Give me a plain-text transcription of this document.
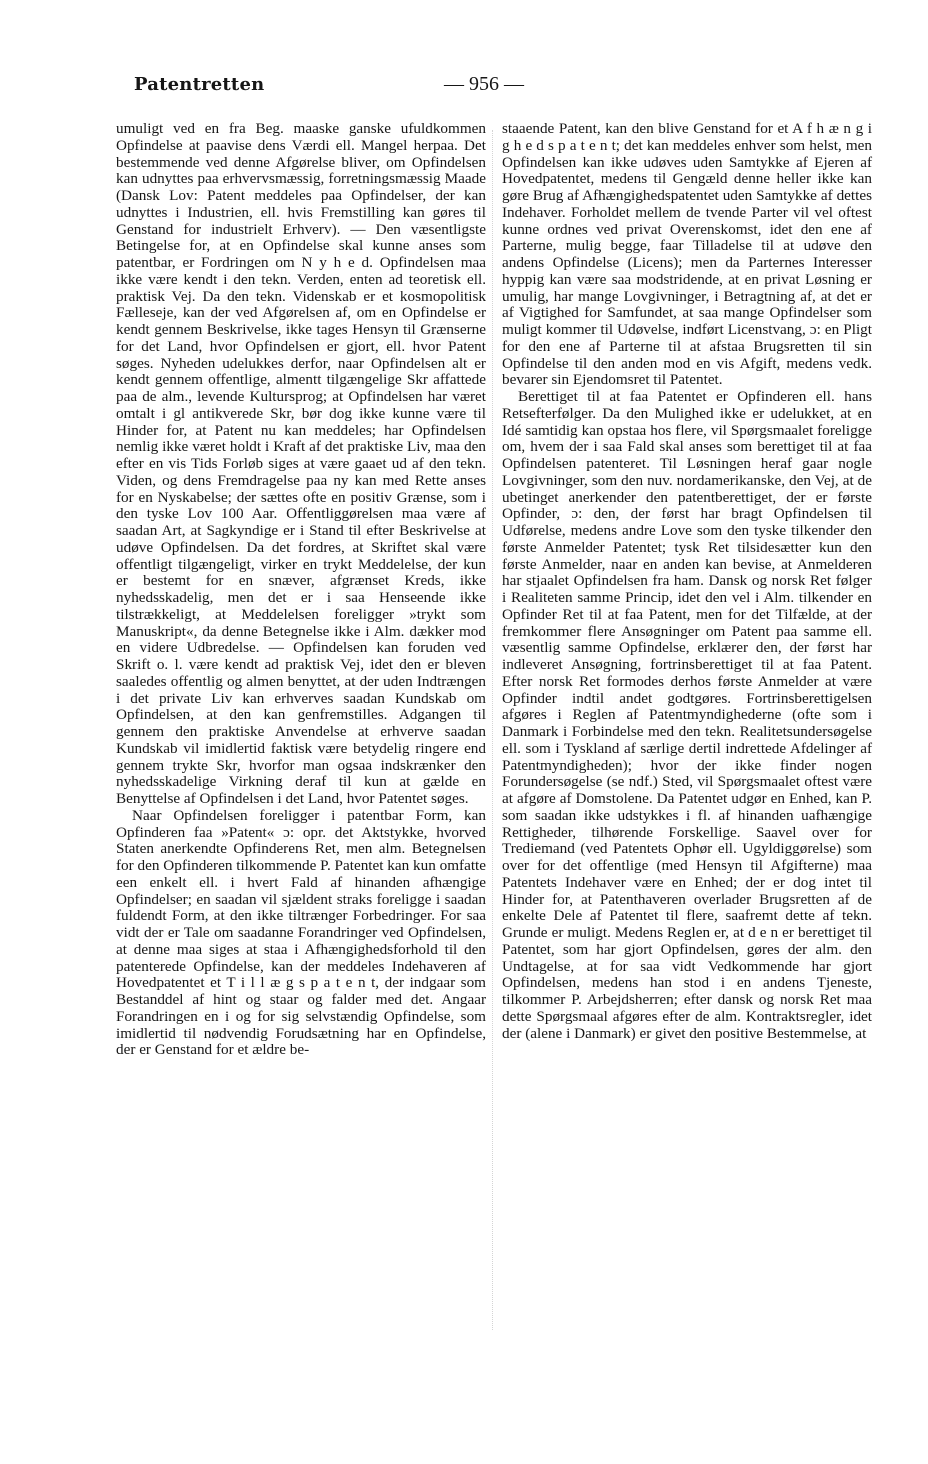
Patentretten	— 956 —

umuligt ved en fra Beg. maaske ganske ufuldkommen Opfindelse at paavise dens Værdi ell. Mangel herpaa. Det bestemmende ved denne Afgørelse bliver, om Opfindelsen kan udnyttes paa erhvervsmæssig, forretningsmæssig Maade (Dansk Lov: Patent meddeles paa Opfindelser, der kan udnyttes i Industrien, ell. hvis Fremstilling kan gøres til Genstand for industrielt Erhverv). — Den væsentligste Betingelse for, at en Opfindelse skal kunne anses som patentbar, er Fordringen om N y h e d. Opfindelsen maa ikke være kendt i den tekn. Verden, enten ad teoretisk ell. praktisk Vej. Da den tekn. Videnskab er et kosmopolitisk Fælleseje, kan der ved Afgørelsen af, om en Opfindelse er kendt gennem Beskrivelse, ikke tages Hensyn til Grænserne for det Land, hvor Opfindelsen er gjort, ell. hvor Patent søges. Nyheden udelukkes derfor, naar Opfindelsen alt er kendt gennem offentlige, almentt tilgængelige Skr affattede paa de alm., levende Kultursprog; at Opfindelsen har været omtalt i gl antikverede Skr, bør dog ikke kunne være til Hinder for, at Patent nu kan meddeles; har Opfindelsen nemlig ikke været holdt i Kraft af det praktiske Liv, maa den efter en vis Tids Forløb siges at være gaaet ud af den tekn. Viden, og dens Fremdragelse paa ny kan med Rette anses for en Nyskabelse; der sættes ofte en positiv Grænse, som i den tyske Lov 100 Aar. Offentliggørelsen maa være af saadan Art, at Sagkyndige er i Stand til efter Beskrivelse at udøve Opfindelsen. Da det fordres, at Skriftet skal være offentligt tilgængeligt, virker en trykt Meddelelse, der kun er bestemt for en snæver, afgrænset Kreds, ikke nyhedsskadelig, men det er i saa Henseende ikke tilstrækkeligt, at Meddelelsen foreligger »trykt som Manuskript«, da denne Betegnelse ikke i Alm. dækker mod en videre Udbredelse. — Opfindelsen kan foruden ved Skrift o. l. være kendt ad praktisk Vej, idet den er bleven saaledes offentlig og almen benyttet, at der uden Indtrængen i det private Liv kan erhverves saadan Kundskab om Opfindelsen, at den kan genfremstilles. Adgangen til gennem den praktiske Anvendelse at erhverve saadan Kundskab vil imidlertid faktisk være betydelig ringere end gennem trykte Skr, hvorfor man ogsaa indskrænker den nyhedsskadelige Virkning deraf til kun at gælde en Benyttelse af Opfindelsen i det Land, hvor Patentet søges.

Naar Opfindelsen foreligger i patentbar Form, kan Opfinderen faa »Patent« ɔ: opr. det Aktstykke, hvorved Staten anerkendte Opfinderens Ret, men alm. Betegnelsen for den Opfinderen tilkommende P. Patentet kan kun omfatte een enkelt ell. i hvert Fald af hinanden afhængige Opfindelser; en saadan vil sjældent straks foreligge i saadan fuldendt Form, at den ikke tiltrænger Forbedringer. For saa vidt der er Tale om saadanne Forandringer ved Opfindelsen, at denne maa siges at staa i Afhængighedsforhold til den patenterede Opfindelse, kan der meddeles Indehaveren af Hovedpatentet et T i l l æ g s p a t e n t, der indgaar som Bestanddel af hint og staar og falder med det. Angaar Forandringen en i og for sig selvstændig Opfindelse, som imidlertid til nødvendig Forudsætning har en Opfindelse, der er Genstand for et ældre be-

staaende Patent, kan den blive Genstand for et A f h æ n g i g h e d s p a t e n t; det kan meddeles enhver som helst, men Opfindelsen kan ikke udøves uden Samtykke af Ejeren af Hovedpatentet, medens til Gengæld denne heller ikke kan gøre Brug af Afhængighedspatentet uden Samtykke af dettes Indehaver. Forholdet mellem de tvende Parter vil vel oftest kunne ordnes ved privat Overenskomst, idet den ene af Parterne, mulig begge, faar Tilladelse til at udøve den andens Opfindelse (Licens); men da Parternes Interesser hyppig kan være saa modstridende, at en privat Løsning er umulig, har mange Lovgivninger, i Betragtning af, at det er af Vigtighed for Samfundet, at saa mange Opfindelser som muligt kommer til Udøvelse, indført Licenstvang, ɔ: en Pligt for den ene af Parterne til at afstaa Brugsretten til sin Opfindelse til den anden mod en vis Afgift, medens vedk. bevarer sin Ejendomsret til Patentet.

Berettiget til at faa Patentet er Opfinderen ell. hans Retsefterfølger. Da den Mulighed ikke er udelukket, at en Idé samtidig kan opstaa hos flere, vil Spørgsmaalet foreligge om, hvem der i saa Fald skal anses som berettiget til at faa Opfindelsen patenteret. Til Løsningen heraf gaar nogle Lovgivninger, som den nuv. nordamerikanske, den Vej, at de ubetinget anerkender den patentberettiget, der er første Opfinder, ɔ: den, der først har bragt Opfindelsen til Udførelse, medens andre Love som den tyske tilkender den første Anmelder Patentet; tysk Ret tilsidesætter kun den første Anmelder, naar en anden kan bevise, at Anmelderen har stjaalet Opfindelsen fra ham. Dansk og norsk Ret følger i Realiteten samme Princip, idet den vel i Alm. tilkender en Opfinder Ret til at faa Patent, men for det Tilfælde, at der fremkommer flere Ansøgninger om Patent paa samme ell. væsentlig samme Opfindelse, erklærer den, der først har indleveret Ansøgning, fortrinsberettiget til at faa Patent. Efter norsk Ret formodes derhos første Anmelder at være Opfinder indtil andet godtgøres. Fortrinsberettigelsen afgøres i Reglen af Patentmyndighederne (ofte som i Danmark i Forbindelse med den tekn. Realitetsundersøgelse ell. som i Tyskland af særlige dertil indrettede Afdelinger af Patentmyndigheden); hvor der ikke finder nogen Forundersøgelse (se ndf.) Sted, vil Spørgsmaalet oftest være at afgøre af Domstolene. Da Patentet udgør en Enhed, kan P. som saadan ikke udstykkes i fl. af hinanden uafhængige Rettigheder, tilhørende Forskellige. Saavel over for Trediemand (ved Patentets Ophør ell. Ugyldiggørelse) som over for det offentlige (med Hensyn til Afgifterne) maa Patentets Indehaver være en Enhed; der er dog intet til Hinder for, at Patenthaveren overlader Brugsretten af de enkelte Dele af Patentet til flere, saafremt dette af tekn. Grunde er muligt. Medens Reglen er, at d e n er berettiget til Patentet, som har gjort Opfindelsen, gøres der alm. den Undtagelse, at for saa vidt Vedkommende har gjort Opfindelsen, medens han stod i en andens Tjeneste, tilkommer P. Arbejdsherren; efter dansk og norsk Ret maa dette Spørgsmaal afgøres efter de alm. Kontraktsregler, idet der (alene i Danmark) er givet den positive Bestemmelse, at
